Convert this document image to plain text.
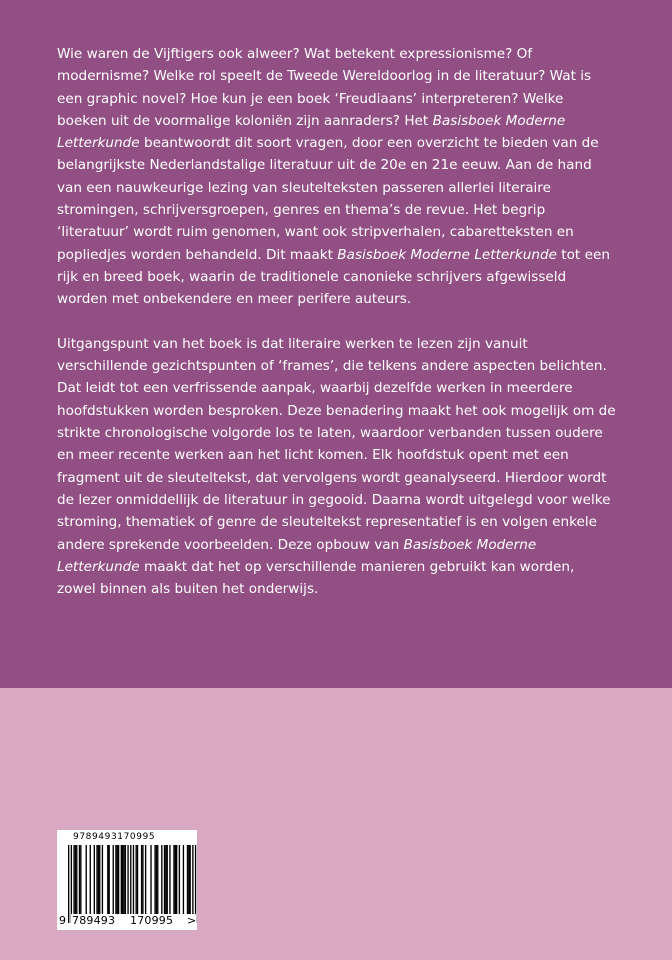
Wie waren de Vijftigers ook alweer? Wat betekent expressionisme? Of modernisme? Welke rol speelt de Tweede Wereldoorlog in de literatuur? Wat is een graphic novel? Hoe kun je een boek ‘Freudiaans’ interpreteren? Welke boeken uit de voormalige koloniën zijn aanraders? Het Basisboek Moderne Letterkunde beantwoordt dit soort vragen, door een overzicht te bieden van de belangrijkste Nederlandstalige literatuur uit de 20e en 21e eeuw. Aan de hand van een nauwkeurige lezing van sleutelteksten passeren allerlei literaire stromingen, schrijversgroepen, genres en thema’s de revue. Het begrip ‘literatuur’ wordt ruim genomen, want ook stripverhalen, cabaretteksten en popliedjes worden behandeld. Dit maakt Basisboek Moderne Letterkunde tot een rijk en breed boek, waarin de traditionele canonieke schrijvers afgewisseld worden met onbekendere en meer perifere auteurs.

Uitgangspunt van het boek is dat literaire werken te lezen zijn vanuit verschillende gezichtspunten of ‘frames’, die telkens andere aspecten belichten. Dat leidt tot een verfrissende aanpak, waarbij dezelfde werken in meerdere hoofdstukken worden besproken. Deze benadering maakt het ook mogelijk om de strikte chronologische volgorde los te laten, waardoor verbanden tussen oudere en meer recente werken aan het licht komen. Elk hoofdstuk opent met een fragment uit de sleuteltekst, dat vervolgens wordt geanalyseerd. Hierdoor wordt de lezer onmiddellijk de literatuur in gegooid. Daarna wordt uitgelegd voor welke stroming, thematiek of genre de sleuteltekst representatief is en volgen enkele andere sprekende voorbeelden. Deze opbouw van Basisboek Moderne Letterkunde maakt dat het op verschillende manieren gebruikt kan worden, zowel binnen als buiten het onderwijs.

9789493170995
9 789493 170995 >
